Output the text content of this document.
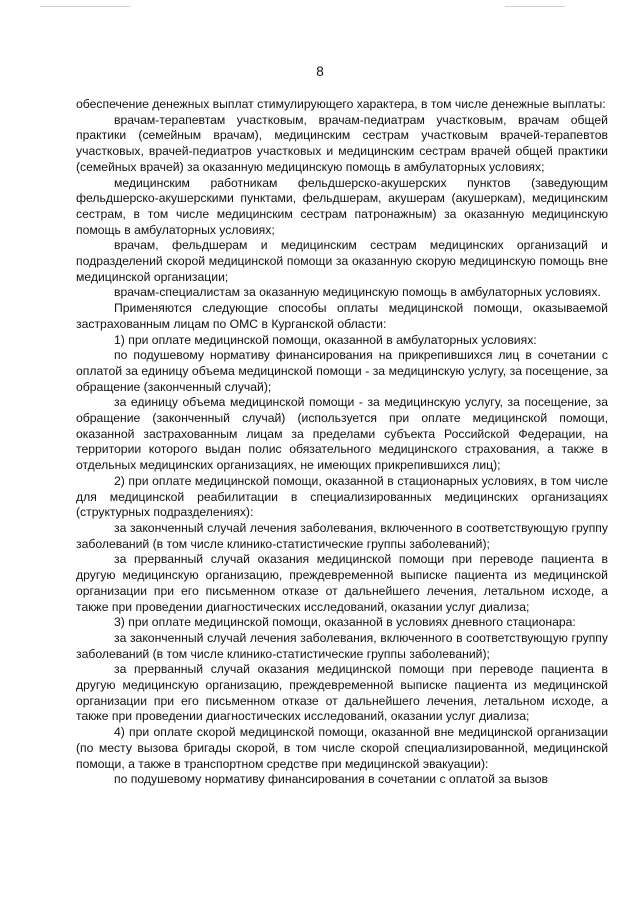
8

обеспечение денежных выплат стимулирующего характера, в том числе денежные выплаты:

врачам-терапевтам участковым, врачам-педиатрам участковым, врачам общей практики (семейным врачам), медицинским сестрам участковым врачей-терапевтов участковых, врачей-педиатров участковых и медицинским сестрам врачей общей практики (семейных врачей) за оказанную медицинскую помощь в амбулаторных условиях;

медицинским работникам фельдшерско-акушерских пунктов (заведующим фельдшерско-акушерскими пунктами, фельдшерам, акушерам (акушеркам), медицинским сестрам, в том числе медицинским сестрам патронажным) за оказанную медицинскую помощь в амбулаторных условиях;

врачам, фельдшерам и медицинским сестрам медицинских организаций и подразделений скорой медицинской помощи за оказанную скорую медицинскую помощь вне медицинской организации;

врачам-специалистам за оказанную медицинскую помощь в амбулаторных условиях.

Применяются следующие способы оплаты медицинской помощи, оказываемой застрахованным лицам по ОМС в Курганской области:

1) при оплате медицинской помощи, оказанной в амбулаторных условиях:

по подушевому нормативу финансирования на прикрепившихся лиц в сочетании с оплатой за единицу объема медицинской помощи - за медицинскую услугу, за посещение, за обращение (законченный случай);

за единицу объема медицинской помощи - за медицинскую услугу, за посещение, за обращение (законченный случай) (используется при оплате медицинской помощи, оказанной застрахованным лицам за пределами субъекта Российской Федерации, на территории которого выдан полис обязательного медицинского страхования, а также в отдельных медицинских организациях, не имеющих прикрепившихся лиц);

2) при оплате медицинской помощи, оказанной в стационарных условиях, в том числе для медицинской реабилитации в специализированных медицинских организациях (структурных подразделениях):

за законченный случай лечения заболевания, включенного в соответствующую группу заболеваний (в том числе клинико-статистические группы заболеваний);

за прерванный случай оказания медицинской помощи при переводе пациента в другую медицинскую организацию, преждевременной выписке пациента из медицинской организации при его письменном отказе от дальнейшего лечения, летальном исходе, а также при проведении диагностических исследований, оказании услуг диализа;

3) при оплате медицинской помощи, оказанной в условиях дневного стационара:

за законченный случай лечения заболевания, включенного в соответствующую группу заболеваний (в том числе клинико-статистические группы заболеваний);

за прерванный случай оказания медицинской помощи при переводе пациента в другую медицинскую организацию, преждевременной выписке пациента из медицинской организации при его письменном отказе от дальнейшего лечения, летальном исходе, а также при проведении диагностических исследований, оказании услуг диализа;

4) при оплате скорой медицинской помощи, оказанной вне медицинской организации (по месту вызова бригады скорой, в том числе скорой специализированной, медицинской помощи, а также в транспортном средстве при медицинской эвакуации):

по подушевому нормативу финансирования в сочетании с оплатой за вызов
